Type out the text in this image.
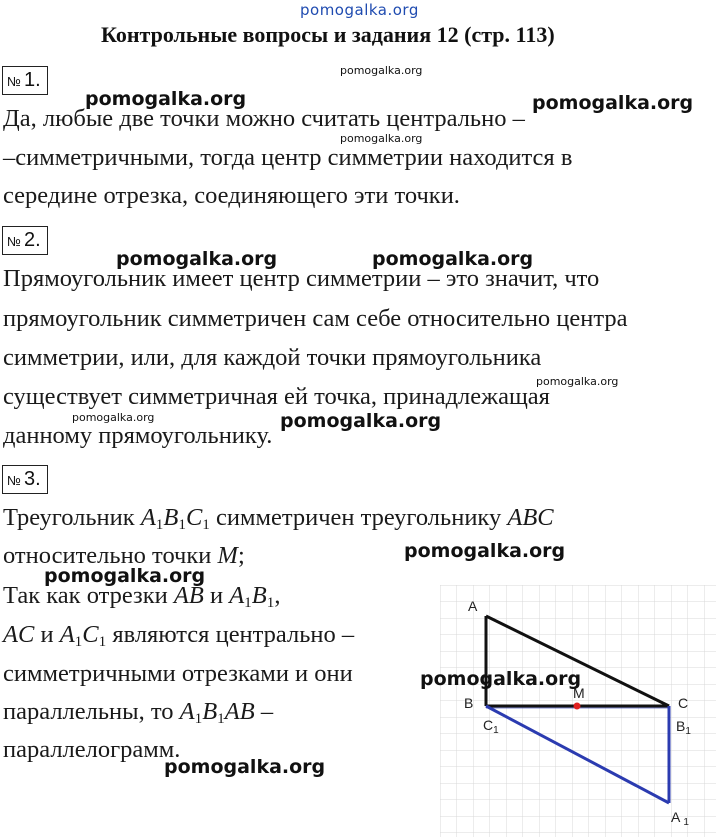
pomogalka.org
Контрольные вопросы и задания 12 (стр. 113)
№ 1.	pomogalka.org
pomogalka.org	pomogalka.org
Да, любые две точки можно считать центрально –
pomogalka.org
–симметричными, тогда центр симметрии находится в
середине отрезка, соединяющего эти точки.
№ 2.
pomogalka.org	pomogalka.org
Прямоугольник имеет центр симметрии – это значит, что
прямоугольник симметричен сам себе относительно центра
симметрии, или, для каждой точки прямоугольника
pomogalka.org
существует симметричная ей точка, принадлежащая
pomogalka.org	pomogalka.org
данному прямоугольнику.
№ 3.
Треугольник $A_1B_1C_1$ симметричен треугольнику ABC
относительно точки M;	pomogalka.org
pomogalka.org
Так как отрезки AB и $A_1B_1$,
AC и $A_1C_1$ являются центрально –
симметричными отрезками и они
параллельны, то $A_1B_1AB$ –
параллелограмм.
pomogalka.org
A
B	C
M
$C_1$	$B_1$
A $_1$
pomogalka.org
